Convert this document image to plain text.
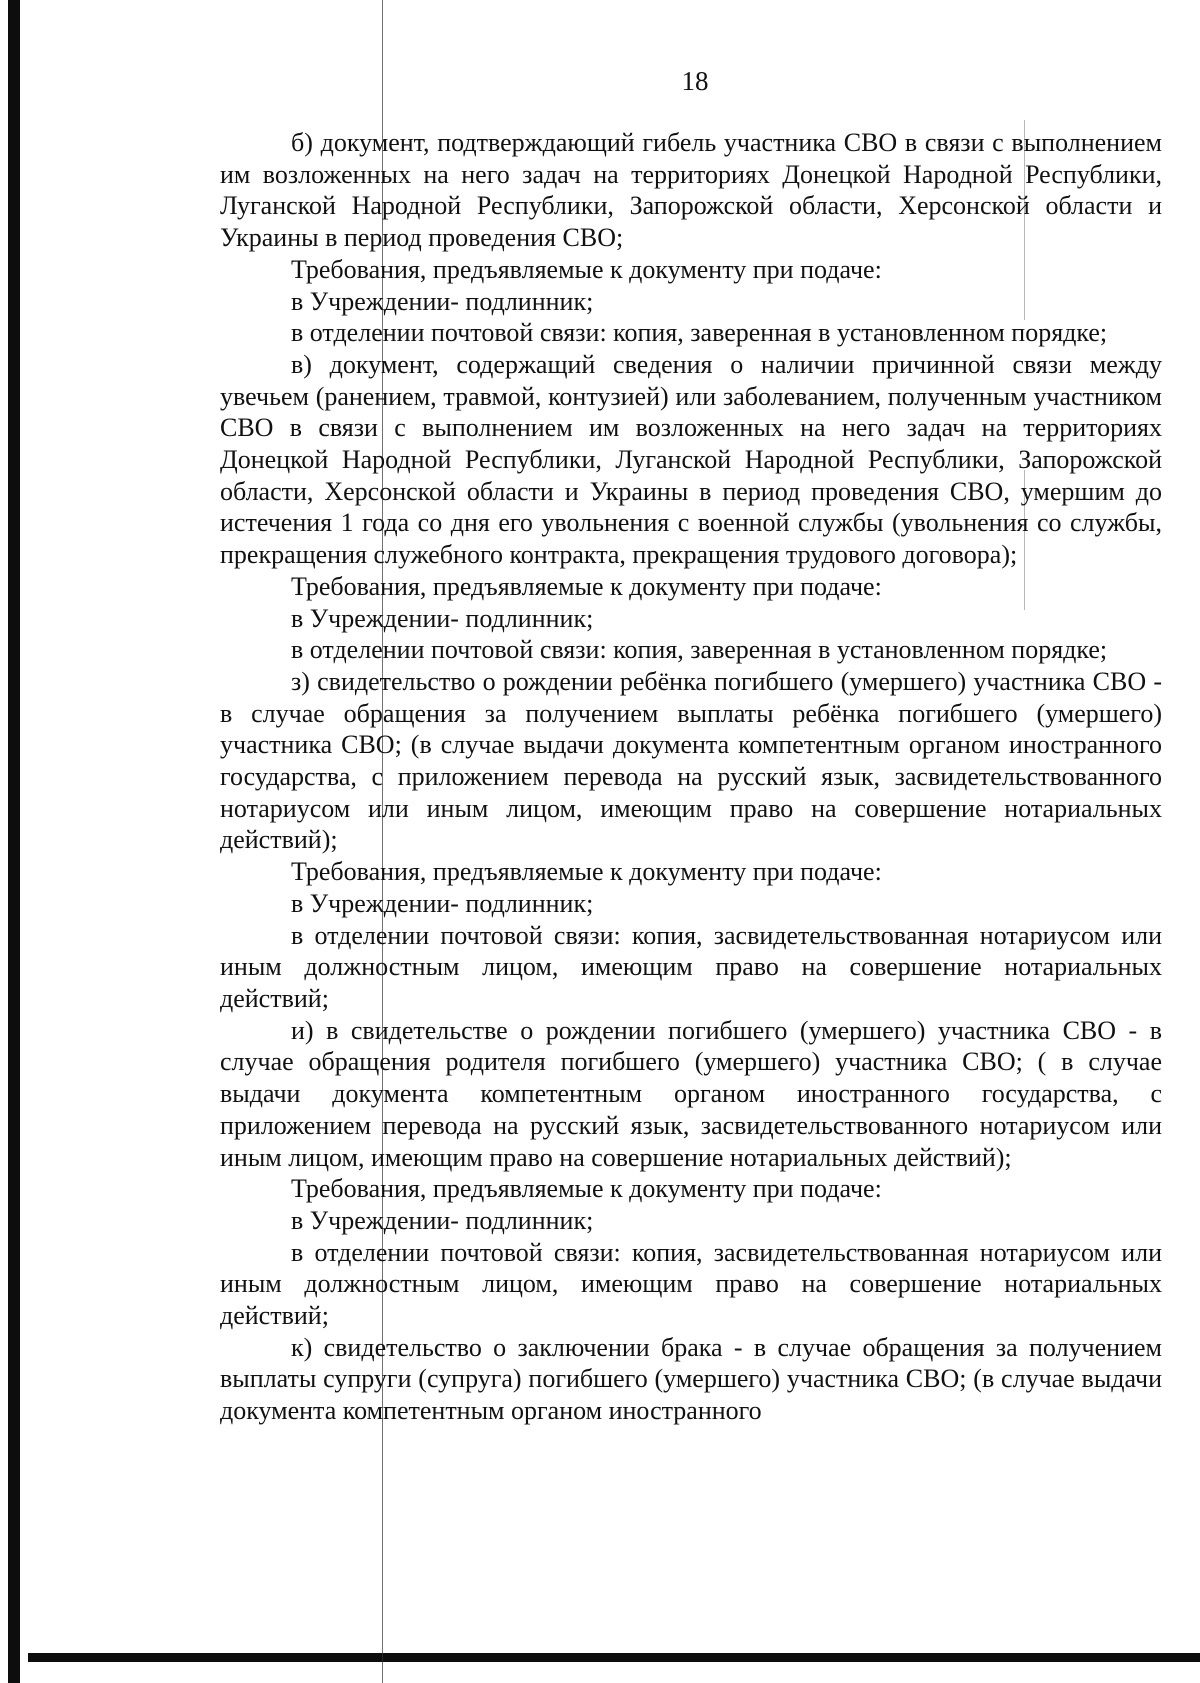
18

б) документ, подтверждающий гибель участника СВО в связи с выполнением им возложенных на него задач на территориях Донецкой Народной Республики, Луганской Народной Республики, Запорожской области, Херсонской области и Украины в период проведения СВО;

Требования, предъявляемые к документу при подаче:

в Учреждении- подлинник;

в отделении почтовой связи: копия, заверенная в установленном порядке;

в) документ, содержащий сведения о наличии причинной связи между увечьем (ранением, травмой, контузией) или заболеванием, полученным участником СВО в связи с выполнением им возложенных на него задач на территориях Донецкой Народной Республики, Луганской Народной Республики, Запорожской области, Херсонской области и Украины в период проведения СВО, умершим до истечения 1 года со дня его увольнения с военной службы (увольнения со службы, прекращения служебного контракта, прекращения трудового договора);

Требования, предъявляемые к документу при подаче:

в Учреждении- подлинник;

в отделении почтовой связи: копия, заверенная в установленном порядке;

з) свидетельство о рождении ребёнка погибшего (умершего) участника СВО - в случае обращения за получением выплаты ребёнка погибшего (умершего) участника СВО; (в случае выдачи документа компетентным органом иностранного государства, с приложением перевода на русский язык, засвидетельствованного нотариусом или иным лицом, имеющим право на совершение нотариальных действий);

Требования, предъявляемые к документу при подаче:

в Учреждении- подлинник;

в отделении почтовой связи: копия, засвидетельствованная нотариусом или иным должностным лицом, имеющим право на совершение нотариальных действий;

и) в свидетельстве о рождении погибшего (умершего) участника СВО - в случае обращения родителя погибшего (умершего) участника СВО; ( в случае выдачи документа компетентным органом иностранного государства, с приложением перевода на русский язык, засвидетельствованного нотариусом или иным лицом, имеющим право на совершение нотариальных действий);

Требования, предъявляемые к документу при подаче:

в Учреждении- подлинник;

в отделении почтовой связи: копия, засвидетельствованная нотариусом или иным должностным лицом, имеющим право на совершение нотариальных действий;

к) свидетельство о заключении брака - в случае обращения за получением выплаты супруги (супруга) погибшего (умершего) участника СВО; (в случае выдачи документа компетентным органом иностранного
